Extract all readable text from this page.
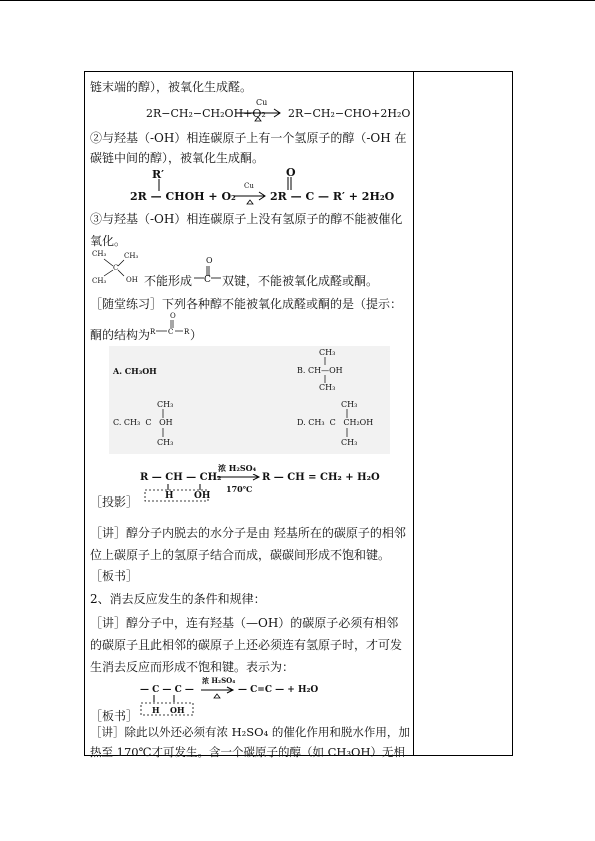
链末端的醇），被氧化生成醛。
2R−CH₂−CH₂OH+O₂
Cu
2R−CH₂−CHO+2H₂O
②与羟基（-OH）相连碳原子上有一个氢原子的醇（-OH 在碳链中间的醇），被氧化生成酮。
R′
2R — CHOH + O₂
Cu
O
2R — C — R′ + 2H₂O
③与羟基（-OH）相连碳原子上没有氢原子的醇不能被催化氧化。
CH₃	CH₃
C
CH₃	OH 不能形成
O
C 双键，不能被氧化成醛或酮。
［随堂练习］下列各种醇不能被氧化成醛或酮的是（提示：
酮的结构为
O
R C R ）
A. CH₃OH
CH₃
B. CH—OH
CH₃
CH₃
C. CH₃  C   OH
CH₃
CH₃
D. CH₃  C   CH₂OH
CH₃
R — CH — CH₂
浓 H₂SO₄
170℃
R — CH = CH₂ + H₂O
H OH
［投影］
［讲］醇分子内脱去的水分子是由 羟基所在的碳原子的相邻位上碳原子上的氢原子结合而成，碳碳间形成不饱和键。
［板书］
2、消去反应发生的条件和规律：
［讲］醇分子中，连有羟基（—OH）的碳原子必须有相邻的碳原子且此相邻的碳原子上还必须连有氢原子时，才可发生消去反应而形成不饱和键。表示为：
— C — C —
浓 H₂SO₄
— C=C — + H₂O
H OH
［板书］
［讲］除此以外还必须有浓 H₂SO₄ 的催化作用和脱水作用，加热至 170℃才可发生。含一个碳原子的醇（如 CH₃OH）无相
